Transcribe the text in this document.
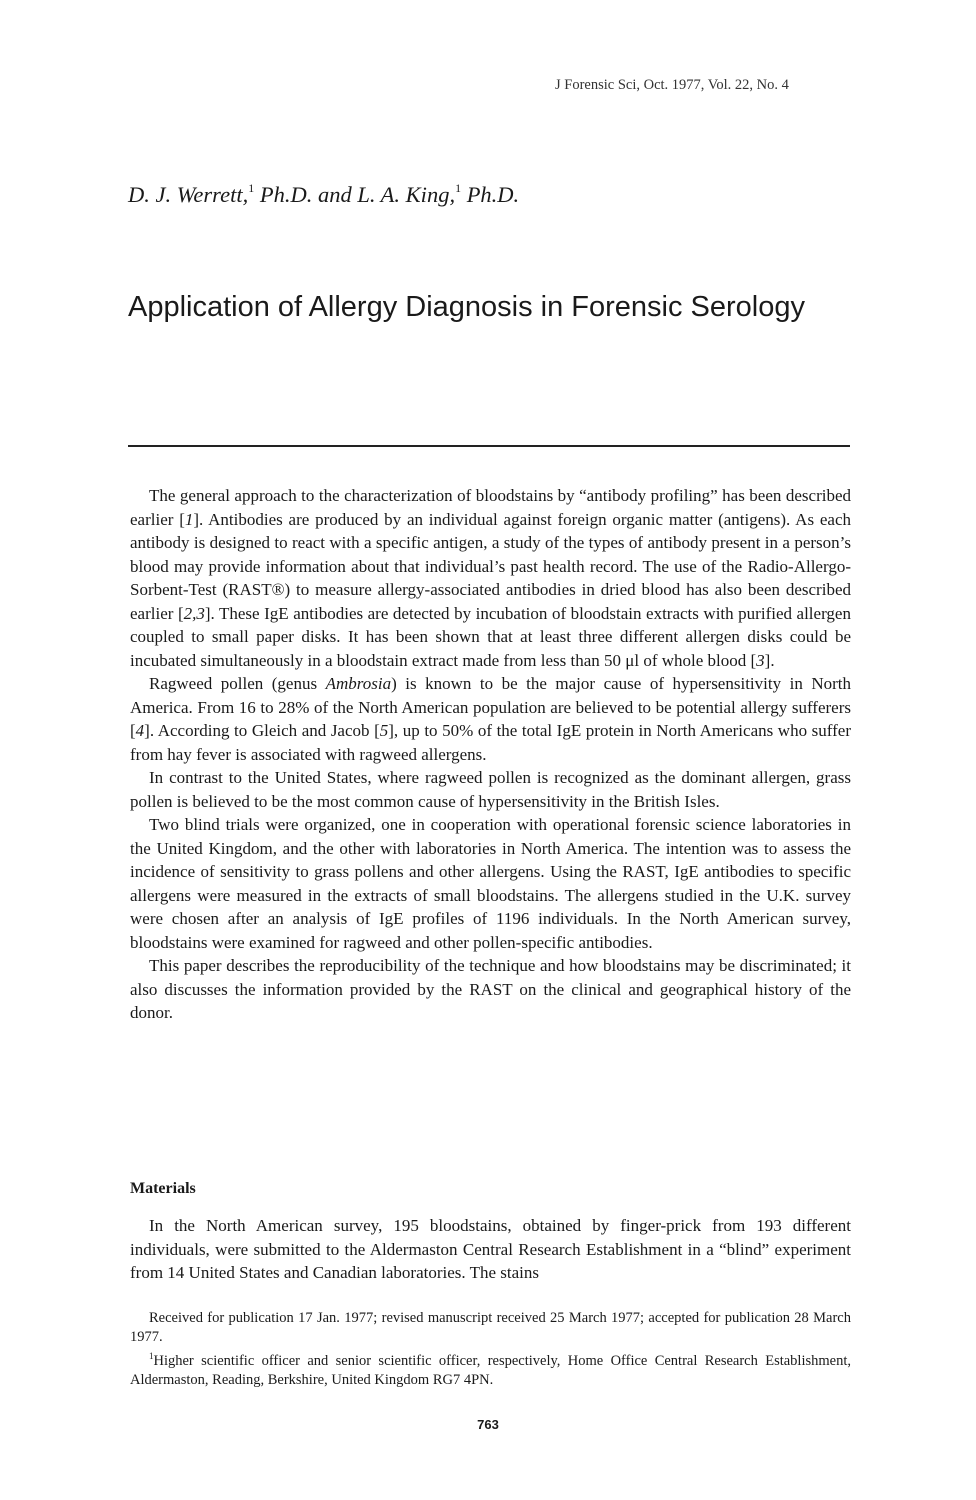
J Forensic Sci, Oct. 1977, Vol. 22, No. 4
D. J. Werrett,$^1$ Ph.D. and L. A. King,$^1$ Ph.D.
Application of Allergy Diagnosis in Forensic Serology

The general approach to the characterization of bloodstains by “antibody profiling” has been described earlier [1]. Antibodies are produced by an individual against foreign organic matter (antigens). As each antibody is designed to react with a specific antigen, a study of the types of antibody present in a person’s blood may provide information about that individual’s past health record. The use of the Radio-Allergo-Sorbent-Test (RAST®) to measure allergy-associated antibodies in dried blood has also been described earlier [2,3]. These IgE antibodies are detected by incubation of bloodstain extracts with purified allergen coupled to small paper disks. It has been shown that at least three different allergen disks could be incubated simultaneously in a bloodstain extract made from less than 50 μl of whole blood [3].

Ragweed pollen (genus Ambrosia) is known to be the major cause of hypersensitivity in North America. From 16 to 28% of the North American population are believed to be potential allergy sufferers [4]. According to Gleich and Jacob [5], up to 50% of the total IgE protein in North Americans who suffer from hay fever is associated with ragweed allergens.

In contrast to the United States, where ragweed pollen is recognized as the dominant allergen, grass pollen is believed to be the most common cause of hypersensitivity in the British Isles.

Two blind trials were organized, one in cooperation with operational forensic science laboratories in the United Kingdom, and the other with laboratories in North America. The intention was to assess the incidence of sensitivity to grass pollens and other allergens. Using the RAST, IgE antibodies to specific allergens were measured in the extracts of small bloodstains. The allergens studied in the U.K. survey were chosen after an analysis of IgE profiles of 1196 individuals. In the North American survey, bloodstains were examined for ragweed and other pollen-specific antibodies.

This paper describes the reproducibility of the technique and how bloodstains may be discriminated; it also discusses the information provided by the RAST on the clinical and geographical history of the donor.

Materials

In the North American survey, 195 bloodstains, obtained by finger-prick from 193 different individuals, were submitted to the Aldermaston Central Research Establishment in a “blind” experiment from 14 United States and Canadian laboratories. The stains

Received for publication 17 Jan. 1977; revised manuscript received 25 March 1977; accepted for publication 28 March 1977.

$^1$Higher scientific officer and senior scientific officer, respectively, Home Office Central Research Establishment, Aldermaston, Reading, Berkshire, United Kingdom RG7 4PN.

763
